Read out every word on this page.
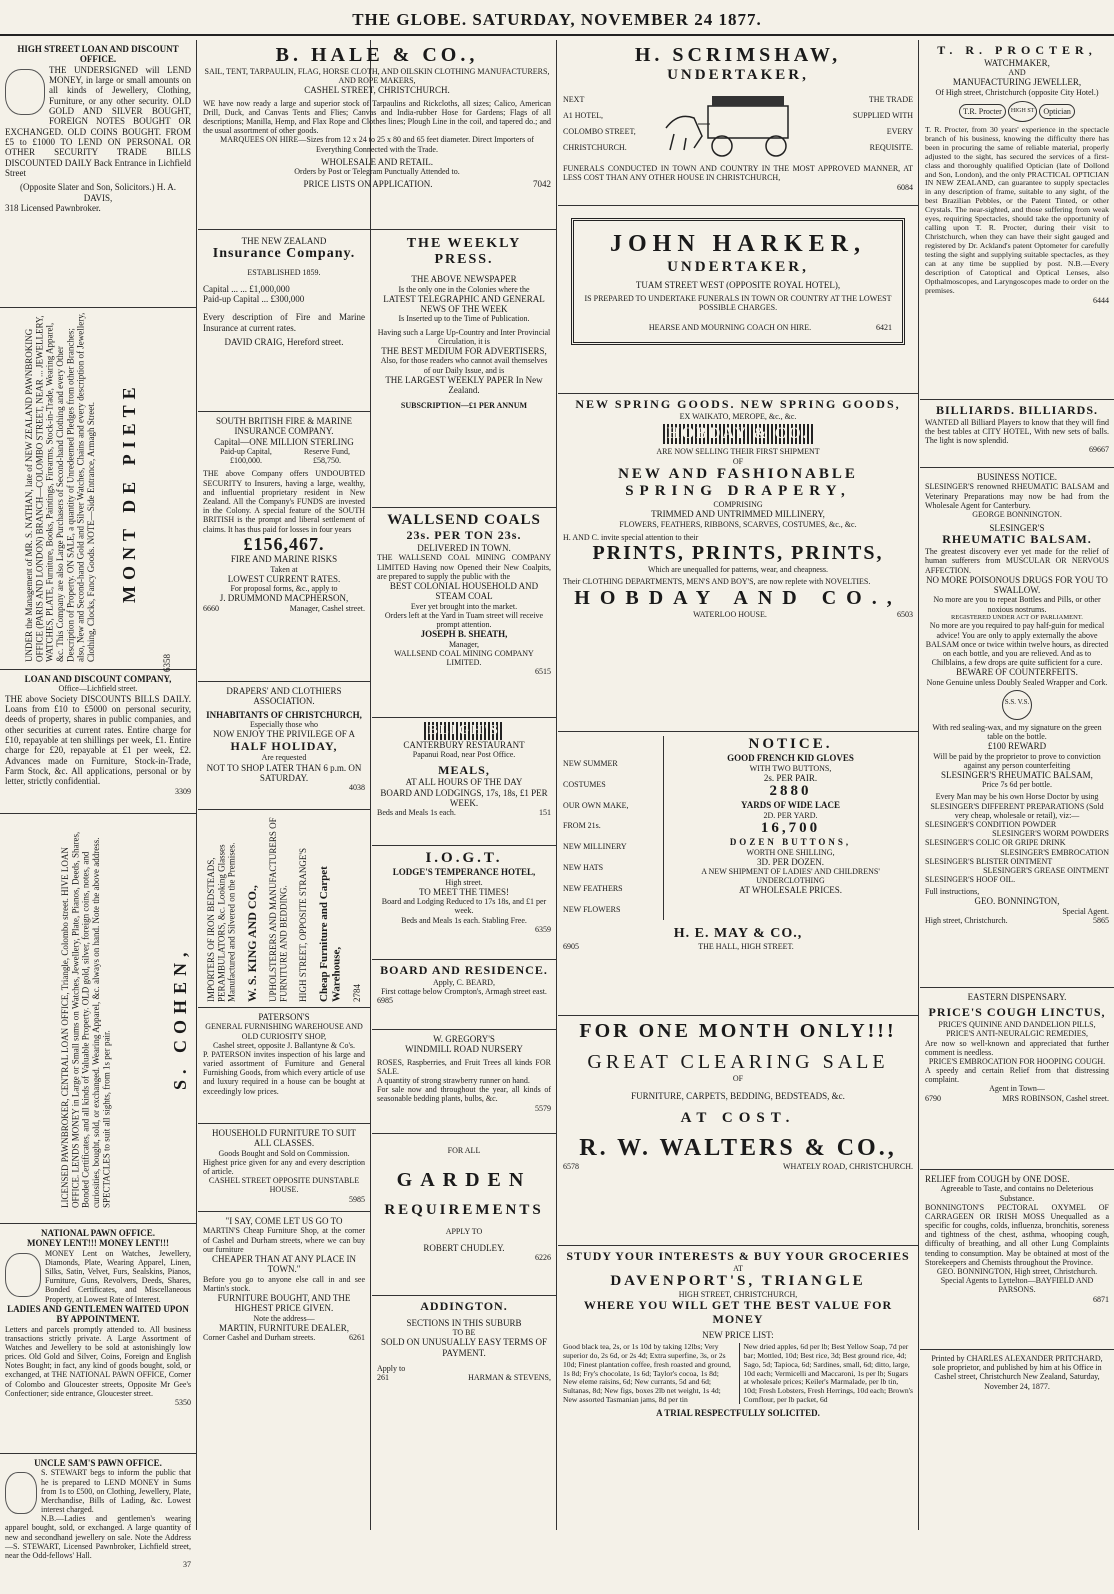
THE GLOBE. SATURDAY, NOVEMBER 24 1877.
HIGH STREET LOAN AND DISCOUNT OFFICE.
THE UNDERSIGNED will LEND MONEY, in large or small amounts on all kinds of Jewellery, Clothing, Furniture, or any other security. OLD GOLD AND SILVER BOUGHT, FOREIGN NOTES BOUGHT OR EXCHANGED. OLD COINS BOUGHT. FROM £5 to £1000 TO LEND ON PERSONAL OR OTHER SECURITY TRADE BILLS DISCOUNTED DAILY Back Entrance in Lichfield Street
(Opposite Slater and Son, Solicitors.) H. A. DAVIS,
318 Licensed Pawnbroker.
UNDER the Management of MR. S. NATHAN, late of NEW ZEALAND PAWNBROKING OFFICE (PARIS AND LONDON) BRANCH—COLOMBO STREET, NEAR ... JEWELLERY, WATCHES, PLATE, Furniture, Books, Paintings, Firearms, Stock-in-Trade, Wearing Apparel, &c. This Company are also Large Purchasers of Second-hand Clothing and every Other Description of Property. ON SALE, a quantity of Unredeemed Pledges from other Branches; also, New and Second-hand Gold and Silver Watches, Chains and every description of Jewellery, Clothing, Clocks, Fancy Goods. NOTE—Side Entrance, Armagh Street. MONT DE PIETE
6358
LOAN AND DISCOUNT COMPANY,
Office—Lichfield street.
THE above Society DISCOUNTS BILLS DAILY. Loans from £10 to £5000 on personal security, deeds of property, shares in public companies, and other securities at current rates. Entire charge for £10, repayable at ten shillings per week, £1. Entire charge for £20, repayable at £1 per week, £2. Advances made on Furniture, Stock-in-Trade, Farm Stock, &c. All applications, personal or by letter, strictly confidential.
3309
LICENSED PAWNBROKER, CENTRAL LOAN OFFICE, Triangle, Colombo street. HIVE LOAN OFFICE. LENDS MONEY in Large or Small sums on Watches, Jewellery, Plate, Pianos, Deeds, Shares, Bonded Certificates, and all kinds of Valuable Property. OLD gold, silver, foreign coins, notes, and curiosities, bought, sold, or exchanged. Wearing Apparel, &c. always on hand. Note the above address. SPECTACLES to suit all sights, from 1s per pair.
S. COHEN,
NATIONAL PAWN OFFICE.
MONEY LENT!!! MONEY LENT!!!
MONEY Lent on Watches, Jewellery, Diamonds, Plate, Wearing Apparel, Linen, Silks, Satin, Velvet, Furs, Sealskins, Pianos, Furniture, Guns, Revolvers, Deeds, Shares, Bonded Certificates, and Miscellaneous Property, at Lowest Rate of Interest.
LADIES AND GENTLEMEN WAITED UPON BY APPOINTMENT.
Letters and parcels promptly attended to. All business transactions strictly private. A Large Assortment of Watches and Jewellery to be sold at astonishingly low prices. Old Gold and Silver, Coins, Foreign and English Notes Bought; in fact, any kind of goods bought, sold, or exchanged, at THE NATIONAL PAWN OFFICE, Corner of Colombo and Gloucester streets, Opposite Mr Gee's Confectioner; side entrance, Gloucester street.
5350
UNCLE SAM'S PAWN OFFICE.
S. STEWART begs to inform the public that he is prepared to LEND MONEY in Sums from 1s to £500, on Clothing, Jewellery, Plate, Merchandise, Bills of Lading, &c. Lowest interest charged.
N.B.—Ladies and gentlemen's wearing apparel bought, sold, or exchanged. A large quantity of new and secondhand jewellery on sale. Note the Address—S. STEWART, Licensed Pawnbroker, Lichfield street, near the Odd-fellows' Hall.
37
B. HALE & CO.,
SAIL, TENT, TARPAULIN, FLAG, HORSE CLOTH, AND OILSKIN CLOTHING MANUFACTURERS, AND ROPE MAKERS,
CASHEL STREET, CHRISTCHURCH.
WE have now ready a large and superior stock of Tarpaulins and Rickcloths, all sizes; Calico, American Drill, Duck, and Canvas Tents and Flies; Canvas and India-rubber Hose for Gardens; Flags of all descriptions; Manilla, Hemp, and Flax Rope and Clothes lines; Plough Line in the coil, and tapered do.; and the usual assortment of other goods.
MARQUEES ON HIRE—Sizes from 12 x 24 to 25 x 80 and 65 feet diameter. Direct Importers of Everything Connected with the Trade.
WHOLESALE AND RETAIL.
Orders by Post or Telegram Punctually Attended to.
PRICE LISTS ON APPLICATION.	7042
THE NEW ZEALAND
Insurance Company.
ESTABLISHED 1859.
Capital ... ... £1,000,000
Paid-up Capital ... £300,000
Every description of Fire and Marine Insurance at current rates.
DAVID CRAIG, Hereford street.
SOUTH BRITISH FIRE & MARINE INSURANCE COMPANY.
Capital—ONE MILLION STERLING
Paid-up Capital, £100,000.
Reserve Fund, £58,750.
THE above Company offers UNDOUBTED SECURITY to Insurers, having a large, wealthy, and influential proprietary resident in New Zealand. All the Company's FUNDS are invested in the Colony. A special feature of the SOUTH BRITISH is the prompt and liberal settlement of claims. It has thus paid for losses in four years
£156,467.
FIRE AND MARINE RISKS
Taken at
LOWEST CURRENT RATES.
For proposal forms, &c., apply to
J. DRUMMOND MACPHERSON,
6660	Manager, Cashel street.
DRAPERS' AND CLOTHIERS ASSOCIATION.
INHABITANTS OF CHRISTCHURCH,
Especially those who
NOW ENJOY THE PRIVILEGE OF A
HALF HOLIDAY,
Are requested
NOT TO SHOP LATER THAN 6 p.m. ON SATURDAY.
4038
IMPORTERS OF IRON BEDSTEADS, PERAMBULATORS, &c. Looking Glasses Manufactured and Silvered on the Premises. W. S. KING AND CO., UPHOLSTERERS AND MANUFACTURERS OF FURNITURE AND BEDDING. HIGH STREET, OPPOSITE STRANGE'S Cheap Furniture and Carpet Warehouse, 2784
PATERSON'S
GENERAL FURNISHING WAREHOUSE AND OLD CURIOSITY SHOP,
Cashel street, opposite J. Ballantyne & Co's.
P. PATERSON invites inspection of his large and varied assortment of Furniture and General Furnishing Goods, from which every article of use and luxury required in a house can be bought at exceedingly low prices.
HOUSEHOLD FURNITURE TO SUIT ALL CLASSES.
Goods Bought and Sold on Commission.
Highest price given for any and every description of article.
CASHEL STREET OPPOSITE DUNSTABLE HOUSE.
5985
"I SAY, COME LET US GO TO
MARTIN'S Cheap Furniture Shop, at the corner of Cashel and Durham streets, where we can buy our furniture
CHEAPER THAN AT ANY PLACE IN TOWN."
Before you go to anyone else call in and see Martin's stock.
FURNITURE BOUGHT, AND THE HIGHEST PRICE GIVEN.
Note the address—
MARTIN, FURNITURE DEALER,
Corner Cashel and Durham streets.	6261
THE WEEKLY PRESS.
THE ABOVE NEWSPAPER
Is the only one in the Colonies where the
LATEST TELEGRAPHIC AND GENERAL NEWS OF THE WEEK
Is Inserted up to the Time of Publication.
Having such a Large Up-Country and Inter Provincial Circulation, it is
THE BEST MEDIUM FOR ADVERTISERS,
Also, for those readers who cannot avail themselves of our Daily Issue, and is
THE LARGEST WEEKLY PAPER In New Zealand.
SUBSCRIPTION—£1 PER ANNUM
WALLSEND COALS
23s. PER TON 23s.
DELIVERED IN TOWN.
THE WALLSEND COAL MINING COMPANY LIMITED Having now Opened their New Coalpits, are prepared to supply the public with the
BEST COLONIAL HOUSEHOLD AND STEAM COAL
Ever yet brought into the market.
Orders left at the Yard in Tuam street will receive prompt attention.
JOSEPH B. SHEATH,
Manager,
WALLSEND COAL MINING COMPANY LIMITED.
6515
BLIGH'S
CANTERBURY RESTAURANT
Papanui Road, near Post Office.
MEALS,
AT ALL HOURS OF THE DAY
BOARD AND LODGINGS, 17s, 18s, £1 PER WEEK.
Beds and Meals 1s each.	151
I.O.G.T.
LODGE'S TEMPERANCE HOTEL,
High street.
TO MEET THE TIMES!
Board and Lodging Reduced to 17s 18s, and £1 per week.
Beds and Meals 1s each. Stabling Free.
6359
BOARD AND RESIDENCE.
Apply, C. BEARD,
First cottage below Crompton's, Armagh street east.
6985
W. GREGORY'S
WINDMILL ROAD NURSERY
ROSES, Raspberries, and Fruit Trees all kinds FOR SALE.
A quantity of strong strawberry runner on hand.
For sale now and throughout the year, all kinds of seasonable bedding plants, bulbs, &c.
5579
FOR ALL
GARDEN
REQUIREMENTS
APPLY TO
ROBERT CHUDLEY.
6226
ADDINGTON.
SECTIONS IN THIS SUBURB
TO BE
SOLD ON UNUSUALLY EASY TERMS OF PAYMENT.
Apply to
261	HARMAN & STEVENS,
H. SCRIMSHAW,
UNDERTAKER,
NEXT
A1 HOTEL,
COLOMBO STREET,
CHRISTCHURCH.
THE TRADE
SUPPLIED WITH
EVERY
REQUISITE.
FUNERALS CONDUCTED IN TOWN AND COUNTRY IN THE MOST APPROVED MANNER, AT LESS COST THAN ANY OTHER HOUSE IN CHRISTCHURCH,
6084
JOHN HARKER,
UNDERTAKER,
TUAM STREET WEST (OPPOSITE ROYAL HOTEL),
IS PREPARED TO UNDERTAKE FUNERALS IN TOWN OR COUNTRY AT THE LOWEST POSSIBLE CHARGES.
HEARSE AND MOURNING COACH ON HIRE.	6421
NEW SPRING GOODS. NEW SPRING GOODS,
EX WAIKATO, MEROPE, &c., &c.
HOBDAY & CO.
ARE NOW SELLING THEIR FIRST SHIPMENT
OF
NEW AND FASHIONABLE
SPRING DRAPERY,
COMPRISING
TRIMMED AND UNTRIMMED MILLINERY,
FLOWERS, FEATHERS, RIBBONS, SCARVES, COSTUMES, &c., &c.
H. AND C. invite special attention to their
PRINTS, PRINTS, PRINTS,
Which are unequalled for patterns, wear, and cheapness.
Their CLOTHING DEPARTMENTS, MEN'S AND BOY'S, are now replete with NOVELTIES.
HOBDAY AND CO.,
WATERLOO HOUSE.	6503
NEW SUMMER
COSTUMES
OUR OWN MAKE,
FROM 21s.
NEW MILLINERY
NEW HATS
NEW FEATHERS
NEW FLOWERS
NOTICE.
GOOD FRENCH KID GLOVES
WITH TWO BUTTONS,
2s. PER PAIR.
2880
YARDS OF WIDE LACE
2D. PER YARD.
16,700
DOZEN BUTTONS,
WORTH ONE SHILLING,
3D. PER DOZEN.
A NEW SHIPMENT OF LADIES' AND CHILDRENS' UNDERCLOTHING
AT WHOLESALE PRICES.
H. E. MAY & CO.,
6905	THE HALL, HIGH STREET.
FOR ONE MONTH ONLY!!!
GREAT CLEARING SALE
OF
FURNITURE, CARPETS, BEDDING, BEDSTEADS, &c.
AT COST.
R. W. WALTERS & CO.,
6578	WHATELY ROAD, CHRISTCHURCH.
STUDY YOUR INTERESTS & BUY YOUR GROCERIES
AT
DAVENPORT'S, TRIANGLE
HIGH STREET, CHRISTCHURCH,
WHERE YOU WILL GET THE BEST VALUE FOR MONEY
NEW PRICE LIST:
Good black tea, 2s, or 1s 10d by taking 12lbs; Very superior do, 2s 6d, or 2s 4d; Extra superfine, 3s, or 2s 10d; Finest plantation coffee, fresh roasted and ground, 1s 8d; Fry's chocolate, 1s 6d; Taylor's cocoa, 1s 8d; New eleme raisins, 6d; New currants, 5d and 6d; Sultanas, 8d; New figs, boxes 2lb net weight, 1s 4d; New assorted Tasmanian jams, 8d per tin
New dried apples, 6d per lb; Best Yellow Soap, 7d per bar; Mottled, 10d; Best rice, 3d; Best ground rice, 4d; Sago, 5d; Tapioca, 6d; Sardines, small, 6d; ditto, large, 10d each; Vermicelli and Maccaroni, 1s per lb; Sugars at wholesale prices; Keiler's Marmalade, per lb tin, 10d; Fresh Lobsters, Fresh Herrings, 10d each; Brown's Cornflour, per lb packet, 6d
A TRIAL RESPECTFULLY SOLICITED.
T. R. PROCTER,
WATCHMAKER,
AND
MANUFACTURING JEWELLER,
Of High street, Christchurch (opposite City Hotel.)
T.R. Procter	HIGH ST	Optician
T. R. Procter, from 30 years' experience in the spectacle branch of his business, knowing the difficulty there has been in procuring the same of reliable material, properly adjusted to the sight, has secured the services of a first-class and thoroughly qualified Optician (late of Dollond and Son, London), and the only PRACTICAL OPTICIAN IN NEW ZEALAND, can guarantee to supply spectacles in any description of frame, suitable to any sight, of the best Brazilian Pebbles, or the Patent Tinted, or other Crystals. The near-sighted, and those suffering from weak eyes, requiring Spectacles, should take the opportunity of calling upon T. R. Procter, during their visit to Christchurch, when they can have their sight gauged and registered by Dr. Ackland's patent Optometer for carefully testing the sight and supplying suitable spectacles, as they can at any time be supplied by post. N.B.—Every description of Catoptical and Optical Lenses, also Opthalmoscopes, and Laryngoscopes made to order on the premises.
6444
BILLIARDS. BILLIARDS.
WANTED all Billiard Players to know that they will find the best tables at CITY HOTEL, With new sets of balls. The light is now splendid.
69667
BUSINESS NOTICE.
SLESINGER'S renowned RHEUMATIC BALSAM and Veterinary Preparations may now be had from the Wholesale Agent for Canterbury.
GEORGE BONNINGTON.
SLESINGER'S
RHEUMATIC BALSAM.
The greatest discovery ever yet made for the relief of human sufferers from MUSCULAR OR NERVOUS AFFECTION.
NO MORE POISONOUS DRUGS FOR YOU TO SWALLOW.
No more are you to repeat Bottles and Pills, or other noxious nostrums.
REGISTERED UNDER ACT OF PARLIAMENT.
No more are you required to pay half-guin for medical advice! You are only to apply externally the above BALSAM once or twice within twelve hours, as directed on each bottle, and you are relieved. And as to Chilblains, a few drops are quite sufficient for a cure.
BEWARE OF COUNTERFEITS.
None Genuine unless Doubly Sealed Wrapper and Cork.
S.S. V.S.
With red sealing-wax, and my signature on the green table on the bottle.
£100 REWARD
Will be paid by the proprietor to prove to conviction against any person counterfeiting
SLESINGER'S RHEUMATIC BALSAM,
Price 7s 6d per bottle.
Every Man may be his own Horse Doctor by using SLESINGER'S DIFFERENT PREPARATIONS (Sold very cheap, wholesale or retail), viz:—
SLESINGER'S CONDITION POWDER
SLESINGER'S WORM POWDERS
SLESINGER'S COLIC OR GRIPE DRINK
SLESINGER'S EMBROCATION
SLESINGER'S BLISTER OINTMENT
SLESINGER'S GREASE OINTMENT
SLESINGER'S HOOF OIL.
Full instructions,
GEO. BONNINGTON,
Special Agent.
High street, Christchurch.	5865
EASTERN DISPENSARY.
PRICE'S COUGH LINCTUS,
PRICE'S QUININE AND DANDELION PILLS,
PRICE'S ANTI-NEURALGIC REMEDIES,
Are now so well-known and appreciated that further comment is needless.
PRICE'S EMBROCATION FOR HOOPING COUGH.
A speedy and certain Relief from that distressing complaint.
Agent in Town—
6790	MRS ROBINSON, Cashel street.
RELIEF from COUGH by ONE DOSE.
Agreeable to Taste, and contains no Deleterious Substance.
BONNINGTON'S PECTORAL OXYMEL OF CARRAGEEN OR IRISH MOSS Unequalled as a specific for coughs, colds, influenza, bronchitis, soreness and tightness of the chest, asthma, whooping cough, difficulty of breathing, and all other Lung Complaints tending to consumption. May be obtained at most of the Storekeepers and Chemists throughout the Province.
GEO. BONNINGTON, High street, Christchurch.
Special Agents to Lyttelton—BAYFIELD AND PARSONS.
6871
Printed by CHARLES ALEXANDER PRITCHARD, sole proprietor, and published by him at his Office in Cashel street, Christchurch New Zealand, Saturday, November 24, 1877.
